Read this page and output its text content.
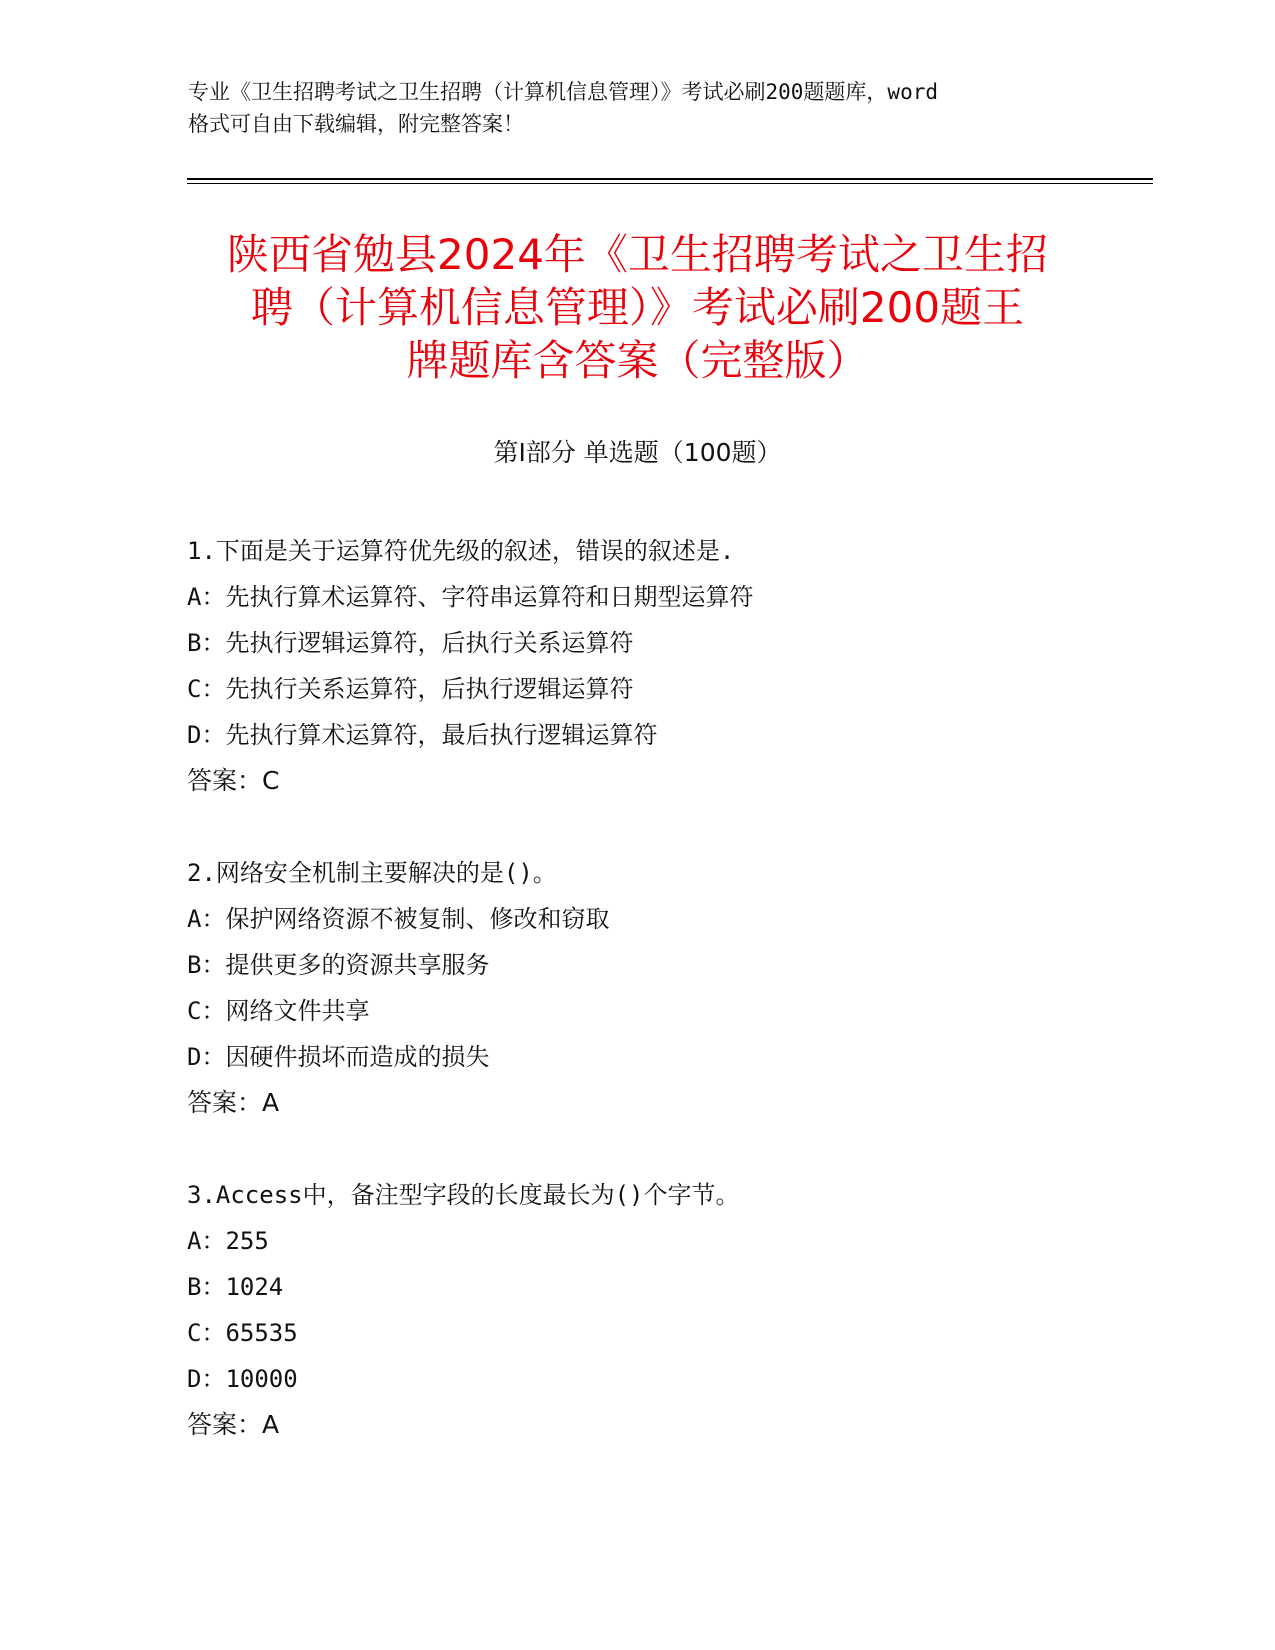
专业《卫生招聘考试之卫生招聘（计算机信息管理）》考试必刷200题题库，word
格式可自由下载编辑，附完整答案！
陕西省勉县2024年《卫生招聘考试之卫生招
聘（计算机信息管理）》考试必刷200题王
牌题库含答案（完整版）
第Ⅰ部分 单选题（100题）
1.下面是关于运算符优先级的叙述，错误的叙述是.
A：先执行算术运算符、字符串运算符和日期型运算符
B：先执行逻辑运算符，后执行关系运算符
C：先执行关系运算符，后执行逻辑运算符
D：先执行算术运算符，最后执行逻辑运算符
答案：C
2.网络安全机制主要解决的是()。
A：保护网络资源不被复制、修改和窃取
B：提供更多的资源共享服务
C：网络文件共享
D：因硬件损坏而造成的损失
答案：A
3.Access中，备注型字段的长度最长为()个字节。
A：255
B：1024
C：65535
D：10000
答案：A
